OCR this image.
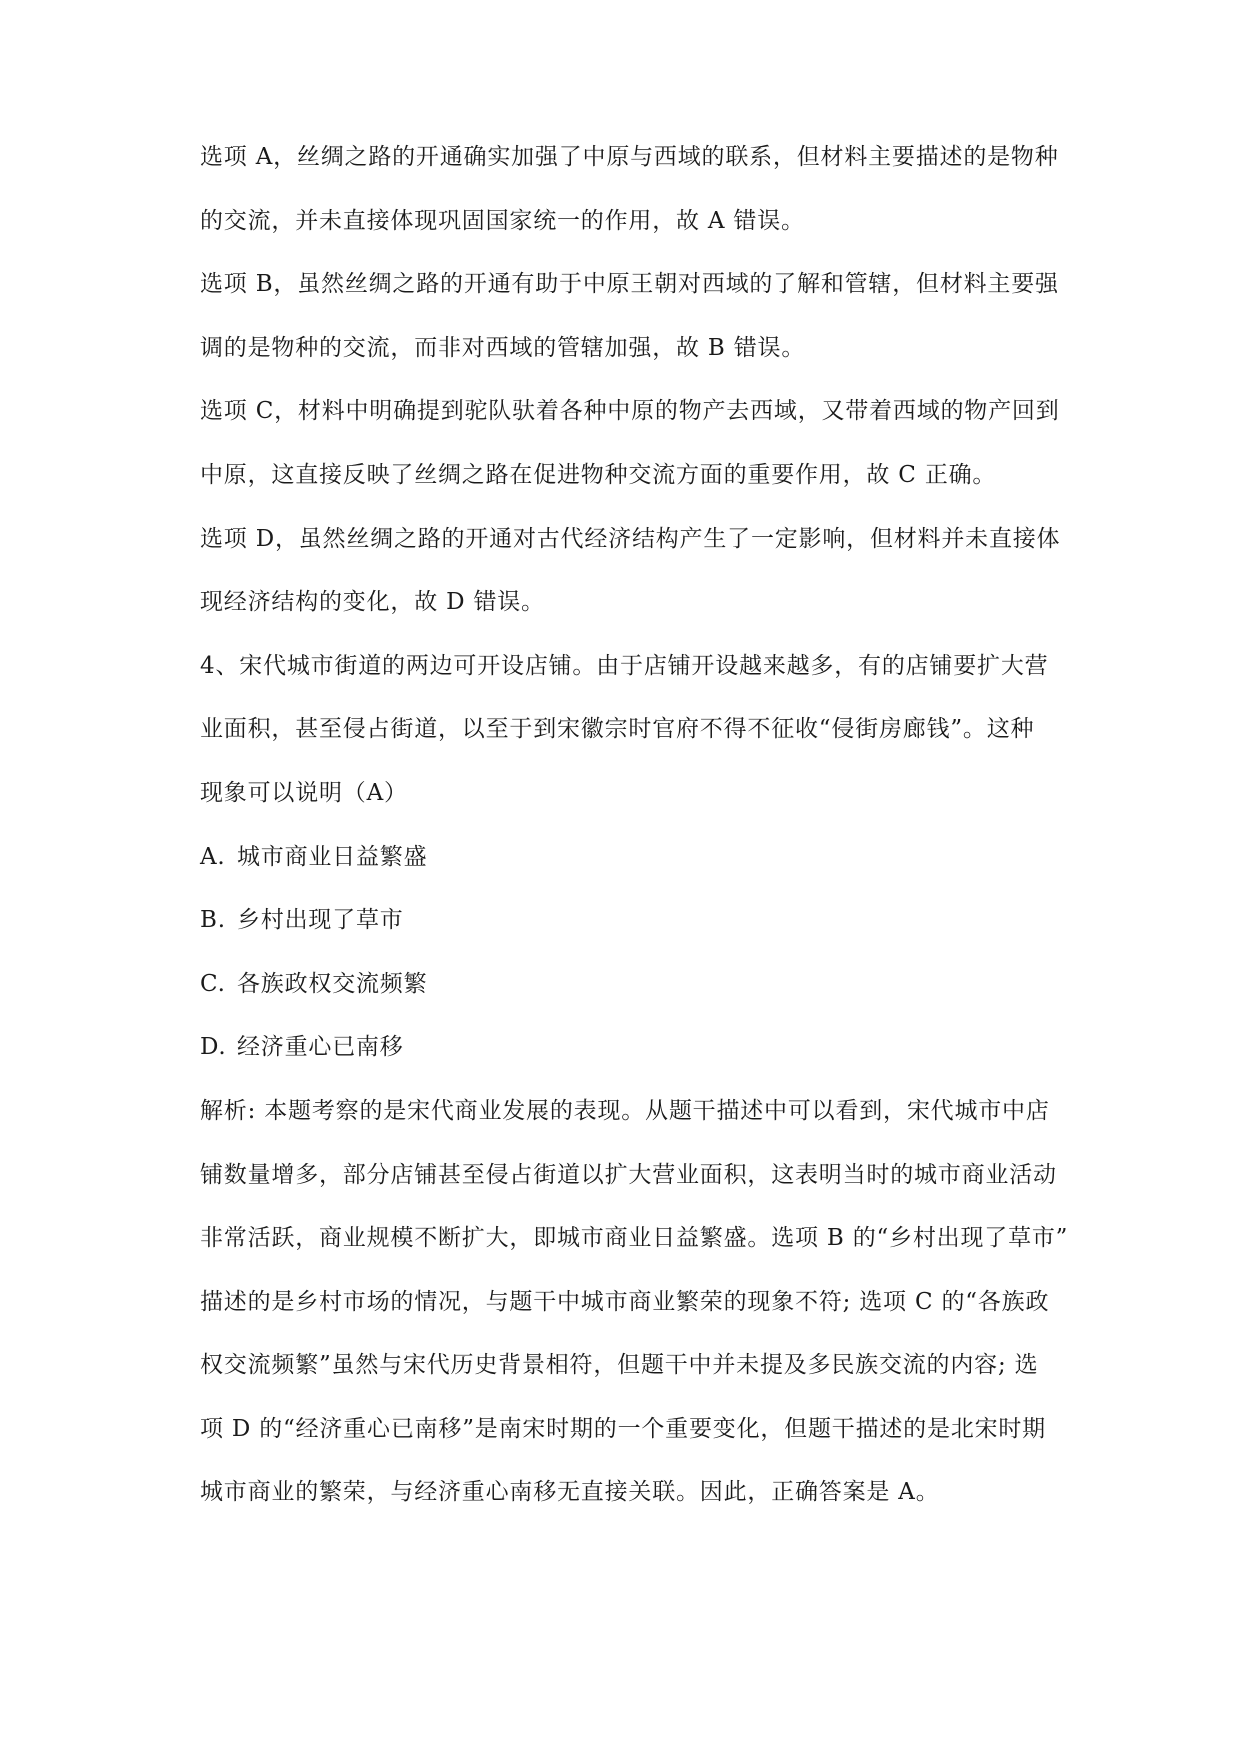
选项 A，丝绸之路的开通确实加强了中原与西域的联系，但材料主要描述的是物种
的交流，并未直接体现巩固国家统一的作用，故 A 错误。
选项 B，虽然丝绸之路的开通有助于中原王朝对西域的了解和管辖，但材料主要强
调的是物种的交流，而非对西域的管辖加强，故 B 错误。
选项 C，材料中明确提到驼队驮着各种中原的物产去西域，又带着西域的物产回到
中原，这直接反映了丝绸之路在促进物种交流方面的重要作用，故 C 正确。
选项 D，虽然丝绸之路的开通对古代经济结构产生了一定影响，但材料并未直接体
现经济结构的变化，故 D 错误。
4、宋代城市街道的两边可开设店铺。由于店铺开设越来越多，有的店铺要扩大营
业面积，甚至侵占街道，以至于到宋徽宗时官府不得不征收“侵街房廊钱”。这种
现象可以说明（A）
A. 城市商业日益繁盛
B. 乡村出现了草市
C. 各族政权交流频繁
D. 经济重心已南移
解析: 本题考察的是宋代商业发展的表现。从题干描述中可以看到，宋代城市中店
铺数量增多，部分店铺甚至侵占街道以扩大营业面积，这表明当时的城市商业活动
非常活跃，商业规模不断扩大，即城市商业日益繁盛。选项 B 的“乡村出现了草市”
描述的是乡村市场的情况，与题干中城市商业繁荣的现象不符; 选项 C 的“各族政
权交流频繁”虽然与宋代历史背景相符，但题干中并未提及多民族交流的内容; 选
项 D 的“经济重心已南移”是南宋时期的一个重要变化，但题干描述的是北宋时期
城市商业的繁荣，与经济重心南移无直接关联。因此，正确答案是 A。
